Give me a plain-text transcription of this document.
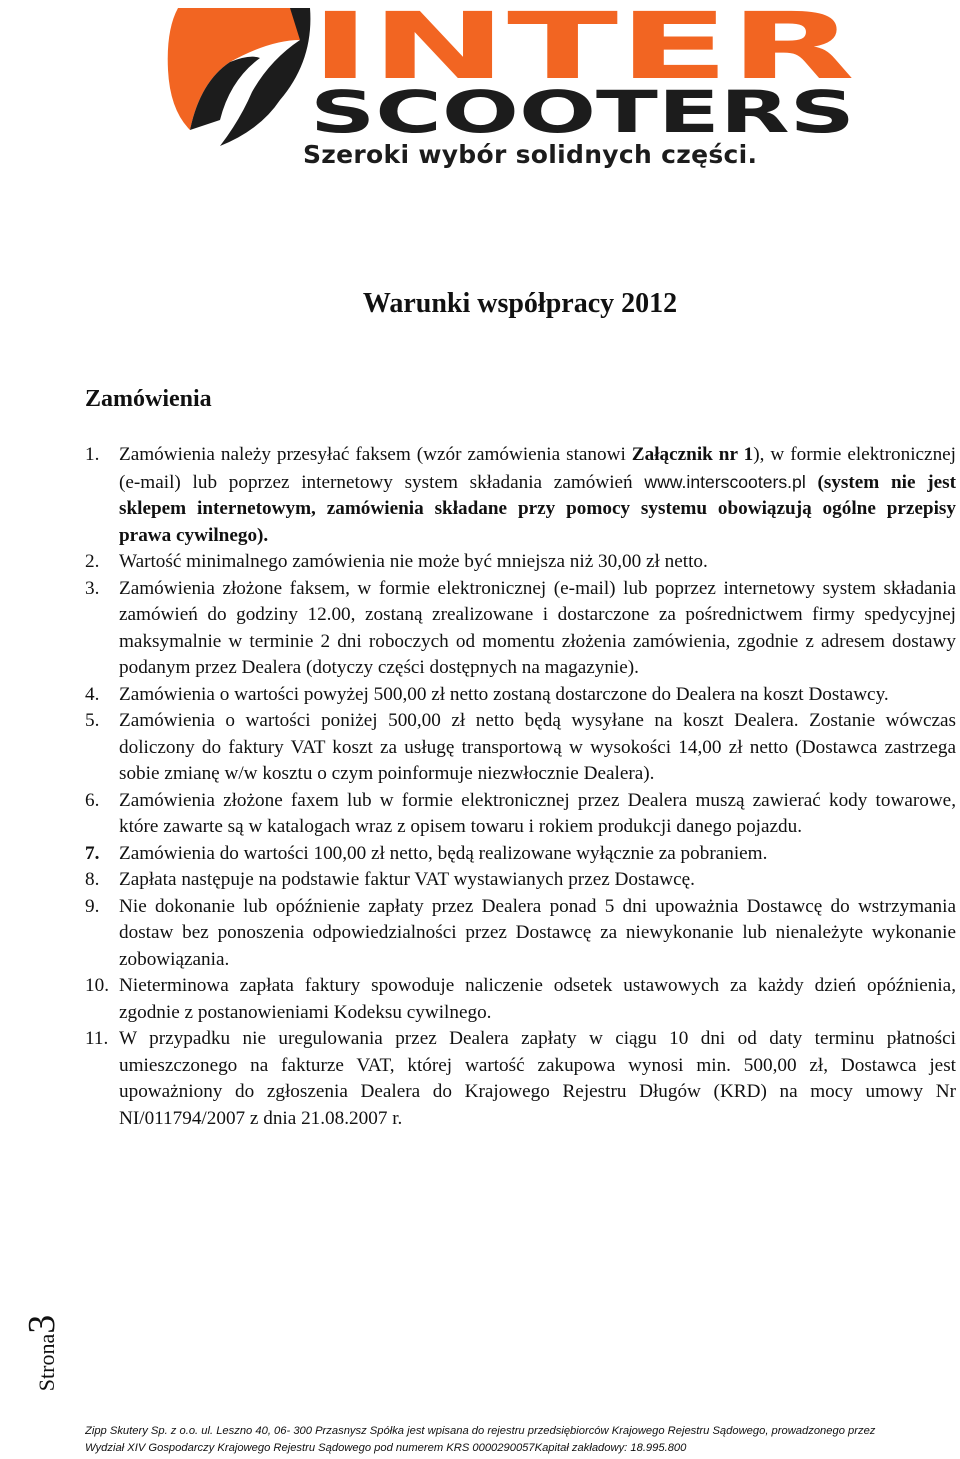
INTER
SCOOTERS
Szeroki wybór solidnych części.
Warunki współpracy 2012
Zamówienia
1. Zamówienia należy przesyłać faksem (wzór zamówienia stanowi Załącznik nr 1), w formie elektronicznej (e-mail) lub poprzez internetowy system składania zamówień www.interscooters.pl (system nie jest sklepem internetowym, zamówienia składane przy pomocy systemu obowiązują ogólne przepisy prawa cywilnego).
2. Wartość minimalnego zamówienia nie może być mniejsza niż 30,00 zł netto.
3. Zamówienia złożone faksem, w formie elektronicznej (e-mail) lub poprzez internetowy system składania zamówień do godziny 12.00, zostaną zrealizowane i dostarczone za pośrednictwem firmy spedycyjnej maksymalnie w terminie 2 dni roboczych od momentu złożenia zamówienia, zgodnie z adresem dostawy podanym przez Dealera (dotyczy części dostępnych na magazynie).
4. Zamówienia o wartości powyżej 500,00 zł netto zostaną dostarczone do Dealera na koszt Dostawcy.
5. Zamówienia o wartości poniżej 500,00 zł netto będą wysyłane na koszt Dealera. Zostanie wówczas doliczony do faktury VAT koszt za usługę transportową w wysokości 14,00 zł netto (Dostawca zastrzega sobie zmianę w/w kosztu o czym poinformuje niezwłocznie Dealera).
6. Zamówienia złożone faxem lub w formie elektronicznej przez Dealera muszą zawierać kody towarowe, które zawarte są w katalogach wraz z opisem towaru i rokiem produkcji danego pojazdu.
7. Zamówienia do wartości 100,00 zł netto, będą realizowane wyłącznie za pobraniem.
8. Zapłata następuje na podstawie faktur VAT wystawianych przez Dostawcę.
9. Nie dokonanie lub opóźnienie zapłaty przez Dealera ponad 5 dni upoważnia Dostawcę do wstrzymania dostaw bez ponoszenia odpowiedzialności przez Dostawcę za niewykonanie lub nienależyte wykonanie zobowiązania.
10. Nieterminowa zapłata faktury spowoduje naliczenie odsetek ustawowych za każdy dzień opóźnienia, zgodnie z postanowieniami Kodeksu cywilnego.
11. W przypadku nie uregulowania przez Dealera zapłaty w ciągu 10 dni od daty terminu płatności umieszczonego na fakturze VAT, której wartość zakupowa wynosi min. 500,00 zł, Dostawca jest upoważniony do zgłoszenia Dealera do Krajowego Rejestru Długów (KRD) na mocy umowy Nr NI/011794/2007 z dnia 21.08.2007 r.
Strona3
Zipp Skutery Sp. z o.o. ul. Leszno 40, 06- 300 Przasnysz Spółka jest wpisana do rejestru przedsiębiorców Krajowego Rejestru Sądowego, prowadzonego przez
Wydział XIV Gospodarczy Krajowego Rejestru Sądowego pod numerem KRS 0000290057Kapitał zakładowy: 18.995.800
